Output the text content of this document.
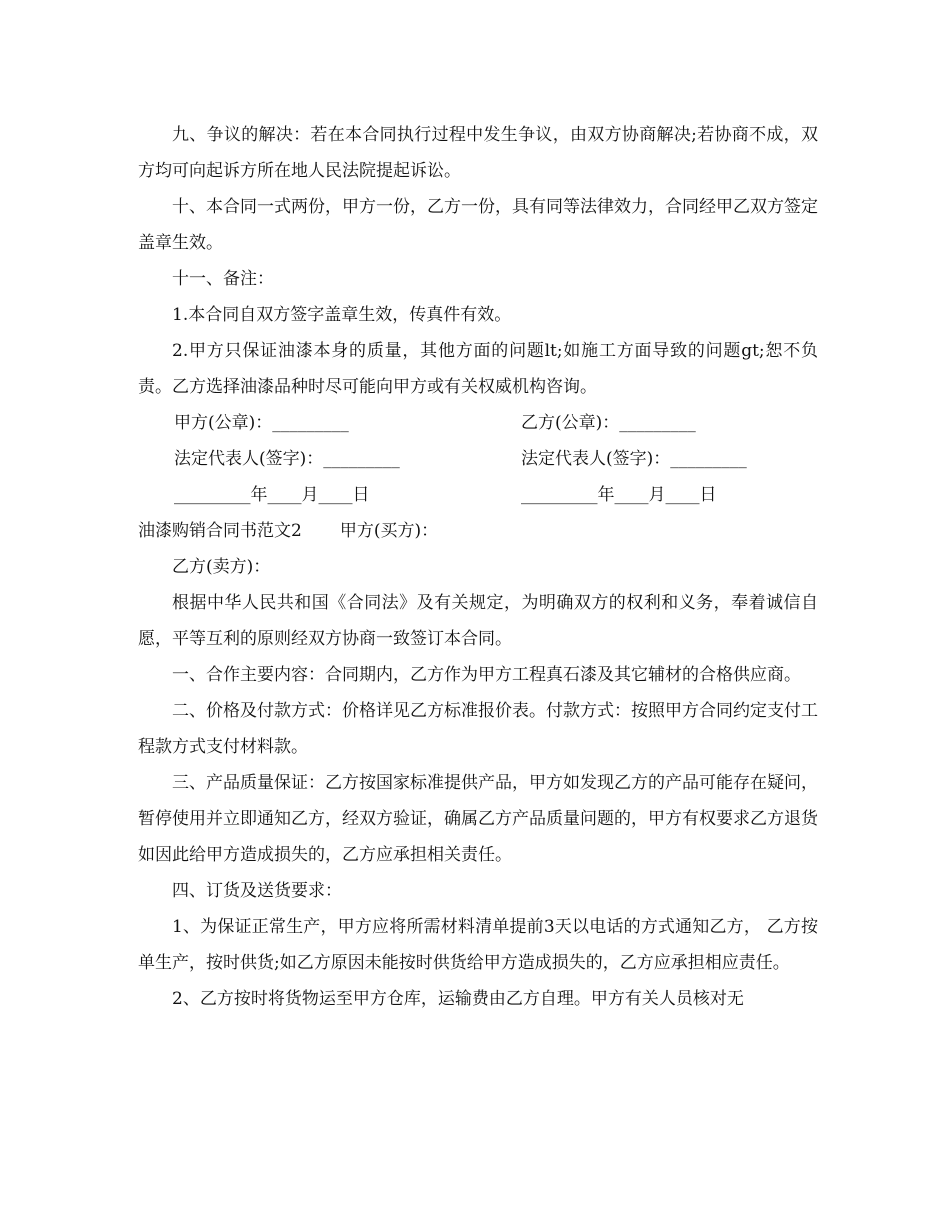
九、争议的解决：若在本合同执行过程中发生争议，由双方协商解决;若协商不成，双方均可向起诉方所在地人民法院提起诉讼。

十、本合同一式两份，甲方一份，乙方一份，具有同等法律效力，合同经甲乙双方签定盖章生效。

十一、备注：

1.本合同自双方签字盖章生效，传真件有效。

2.甲方只保证油漆本身的质量，其他方面的问题lt;如施工方面导致的问题gt;恕不负责。乙方选择油漆品种时尽可能向甲方或有关权威机构咨询。

甲方(公章)：_________	乙方(公章)：_________
法定代表人(签字)：_________	法定代表人(签字)：_________
_________年____月____日	_________年____月____日

油漆购销合同书范文2 甲方(买方)：

乙方(卖方)：

根据中华人民共和国《合同法》及有关规定，为明确双方的权利和义务，奉着诚信自愿，平等互利的原则经双方协商一致签订本合同。

一、合作主要内容：合同期内，乙方作为甲方工程真石漆及其它辅材的合格供应商。

二、价格及付款方式：价格详见乙方标准报价表。付款方式：按照甲方合同约定支付工程款方式支付材料款。

三、产品质量保证：乙方按国家标准提供产品，甲方如发现乙方的产品可能存在疑问，暂停使用并立即通知乙方，经双方验证，确属乙方产品质量问题的，甲方有权要求乙方退货如因此给甲方造成损失的，乙方应承担相关责任。

四、订货及送货要求：

1、为保证正常生产，甲方应将所需材料清单提前3天以电话的方式通知乙方， 乙方按单生产，按时供货;如乙方原因未能按时供货给甲方造成损失的，乙方应承担相应责任。

2、乙方按时将货物运至甲方仓库，运输费由乙方自理。甲方有关人员核对无
